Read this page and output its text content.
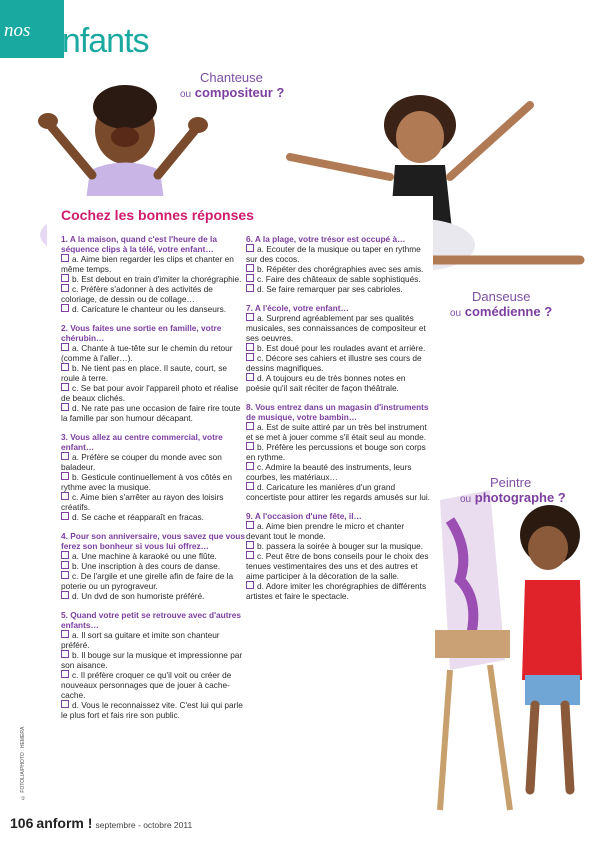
nos enfants
Chanteuse
ou compositeur ?
Danseuse
ou comédienne ?
Peintre
ou photographe ?
Cochez les bonnes réponses
1. A la maison, quand c'est l'heure de la séquence clips à la télé, votre enfant…
a. Aime bien regarder les clips et chanter en même temps.
b. Est debout en train d'imiter la chorégraphie.
c. Préfère s'adonner à des activités de coloriage, de dessin ou de collage…
d. Caricature le chanteur ou les danseurs.
2. Vous faites une sortie en famille, votre chérubin…
a. Chante à tue-tête sur le chemin du retour (comme à l'aller…).
b. Ne tient pas en place. Il saute, court, se roule à terre.
c. Se bat pour avoir l'appareil photo et réalise de beaux clichés.
d. Ne rate pas une occasion de faire rire toute la famille par son humour décapant.
3. Vous allez au centre commercial, votre enfant…
a. Préfère se couper du monde avec son baladeur.
b. Gesticule continuellement à vos côtés en rythme avec la musique.
c. Aime bien s'arrêter au rayon des loisirs créatifs.
d. Se cache et réapparaît en fracas.
4. Pour son anniversaire, vous savez que vous ferez son bonheur si vous lui offrez…
a. Une machine à karaoké ou une flûte.
b. Une inscription à des cours de danse.
c. De l'argile et une girelle afin de faire de la poterie ou un pyrograveur.
d. Un dvd de son humoriste préféré.
5. Quand votre petit se retrouve avec d'autres enfants…
a. Il sort sa guitare et imite son chanteur préféré.
b. Il bouge sur la musique et impressionne par son aisance.
c. Il préfère croquer ce qu'il voit ou créer de nouveaux personnages que de jouer à cache-cache.
d. Vous le reconnaissez vite. C'est lui qui parle le plus fort et fais rire son public.
6. A la plage, votre trésor est occupé à…
a. Ecouter de la musique ou taper en rythme sur des cocos.
b. Répéter des chorégraphies avec ses amis.
c. Faire des châteaux de sable sophistiqués.
d. Se faire remarquer par ses cabrioles.
7. A l'école, votre enfant…
a. Surprend agréablement par ses qualités musicales, ses connaissances de compositeur et ses oeuvres.
b. Est doué pour les roulades avant et arrière.
c. Décore ses cahiers et illustre ses cours de dessins magnifiques.
d. A toujours eu de très bonnes notes en poésie qu'il sait réciter de façon théâtrale.
8. Vous entrez dans un magasin d'instruments de musique, votre bambin…
a. Est de suite attiré par un très bel instrument et se met à jouer comme s'il était seul au monde.
b. Préfère les percussions et bouge son corps en rythme.
c. Admire la beauté des instruments, leurs courbes, les matériaux…
d. Caricature les manières d'un grand concertiste pour attirer les regards amusés sur lui.
9. A l'occasion d'une fête, il…
a. Aime bien prendre le micro et chanter devant tout le monde.
b. passera la soirée à bouger sur la musique.
c. Peut être de bons conseils pour le choix des tenues vestimentaires des uns et des autres et aime participer à la décoration de la salle.
d. Adore imiter les chorégraphies de différents artistes et faire le spectacle.
© FOTOLIA/PHOTO : HEMERA
106 anform ! septembre - octobre 2011
